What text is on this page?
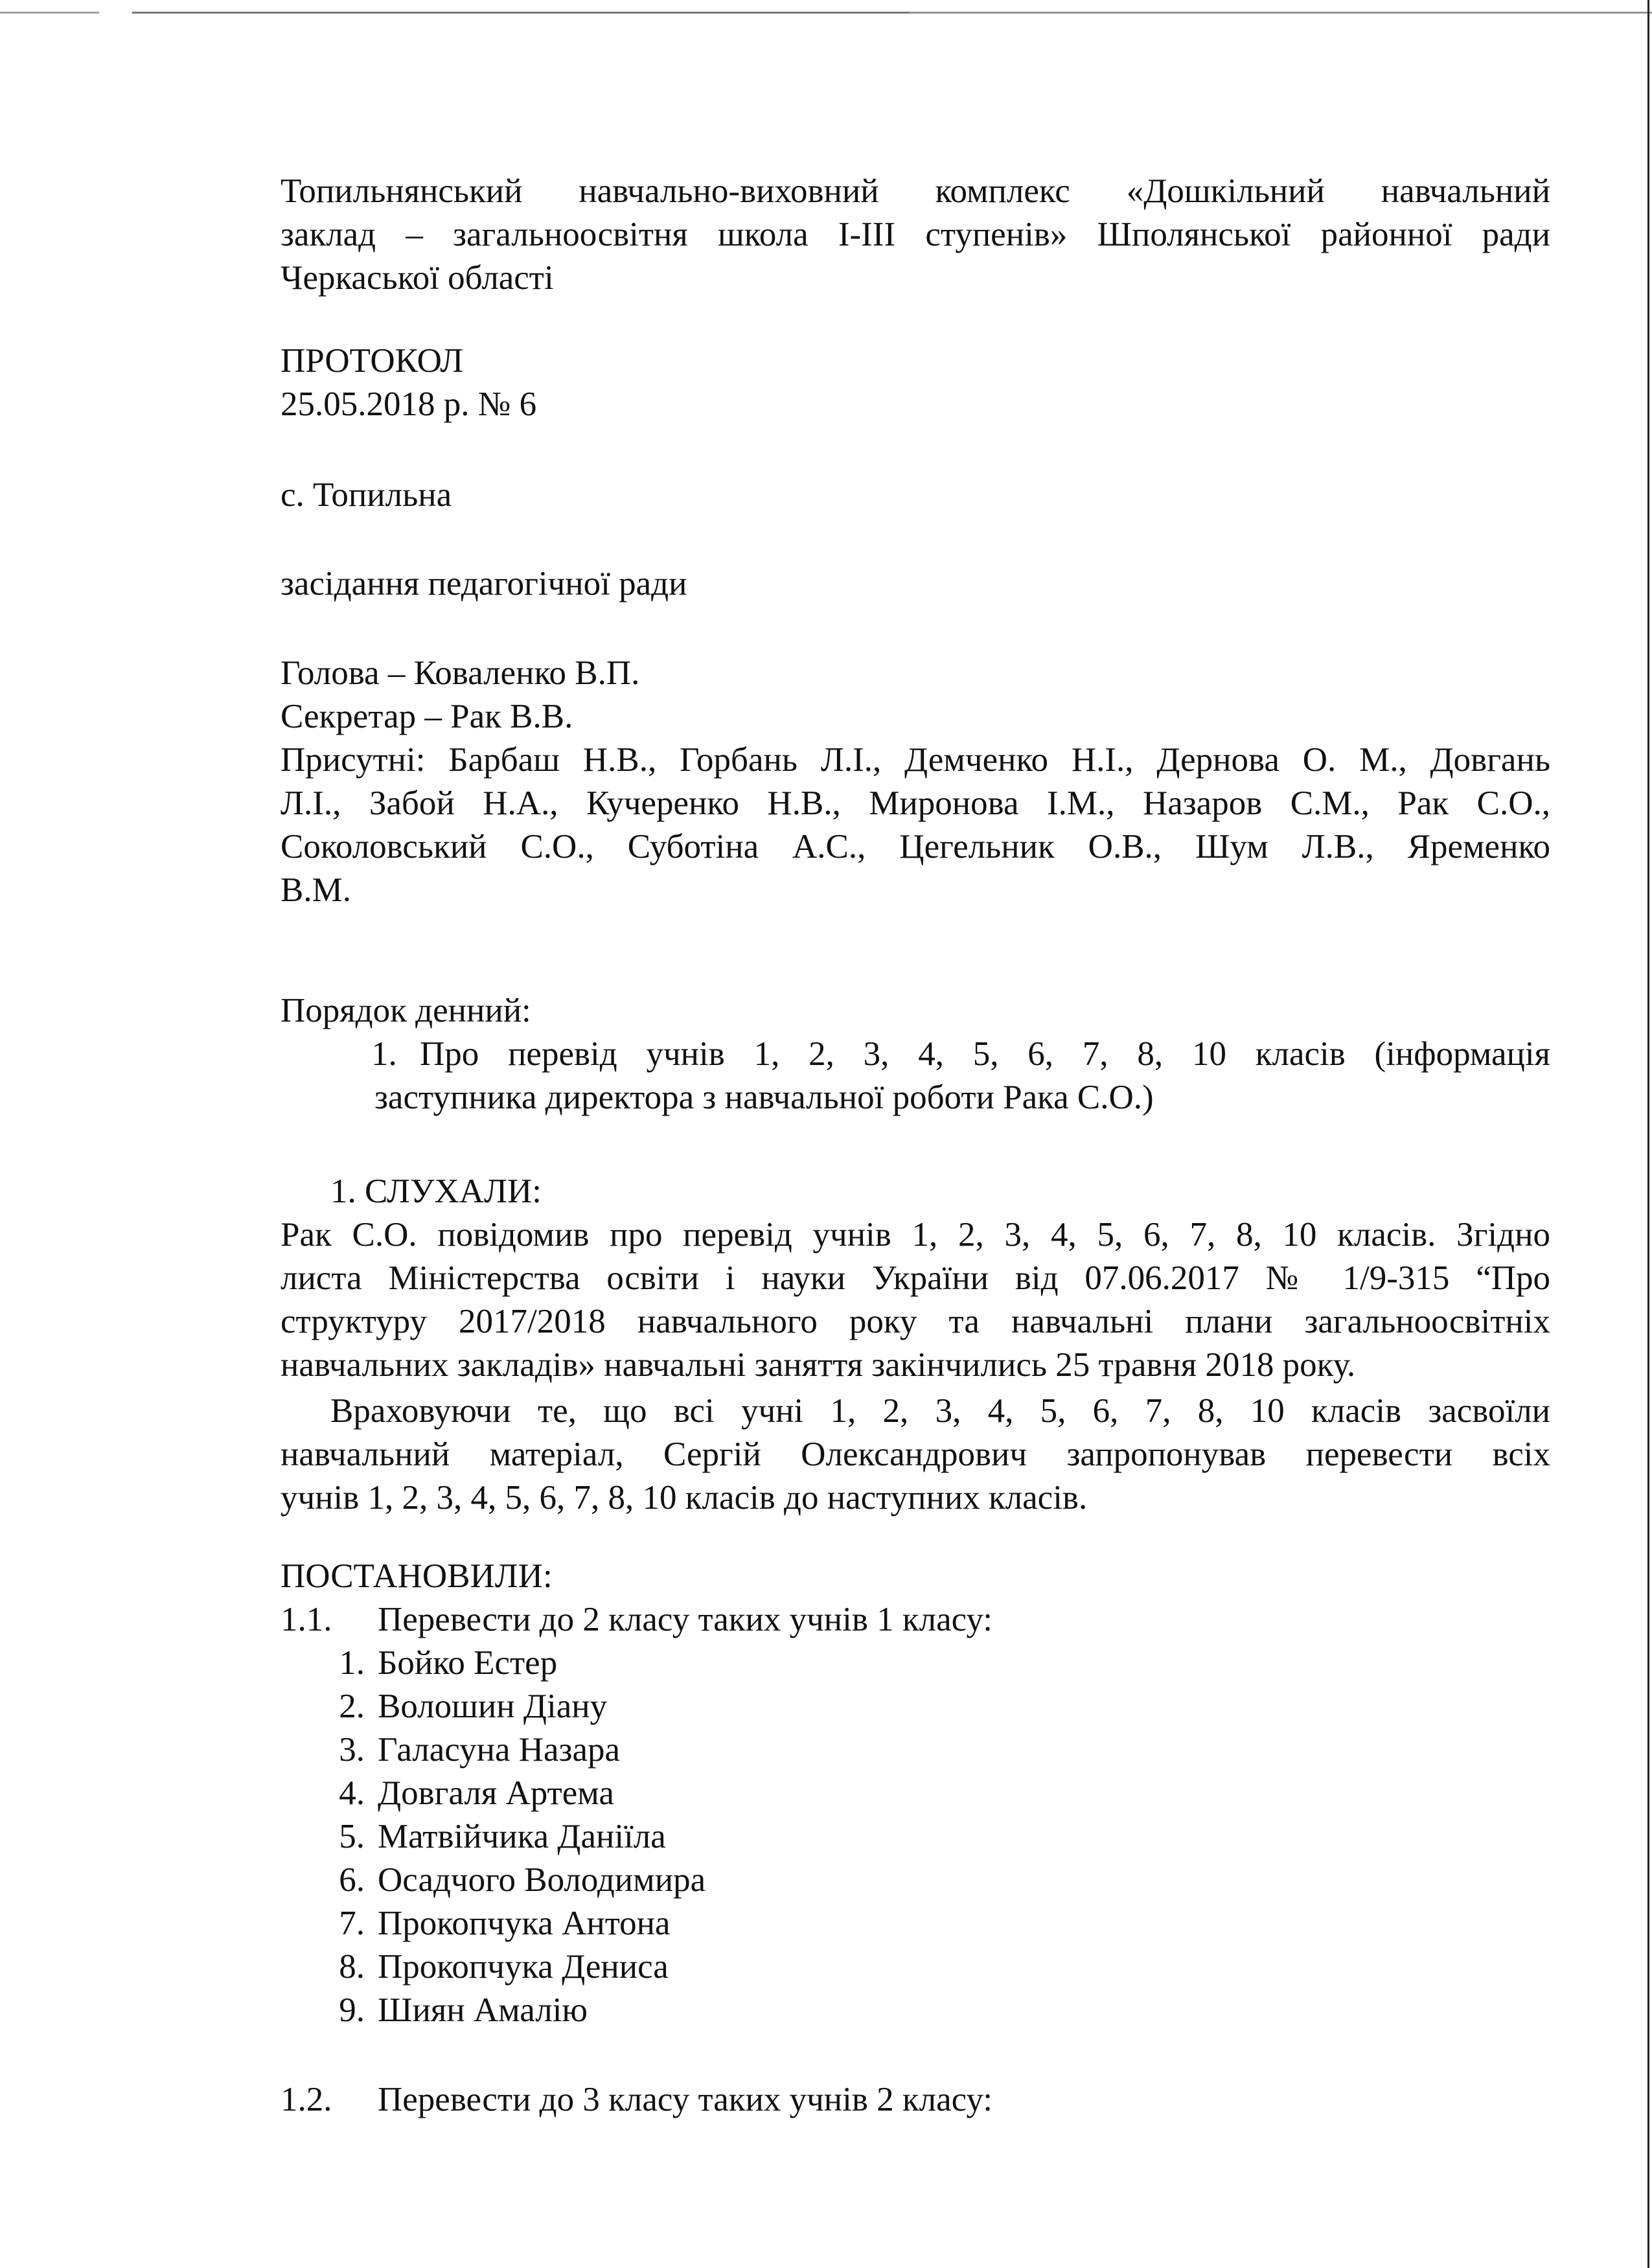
Топильнянський навчально-виховний комплекс «Дошкільний навчальний

заклад – загальноосвітня школа І-ІІІ ступенів» Шполянської районної ради

Черкаської області

ПРОТОКОЛ

25.05.2018 р. № 6

с. Топильна

засідання педагогічної ради

Голова – Коваленко В.П.

Секретар – Рак В.В.

Присутні: Барбаш Н.В., Горбань Л.І., Демченко Н.І., Дернова О. М., Довгань

Л.І., Забой Н.А., Кучеренко Н.В., Миронова І.М., Назаров С.М., Рак С.О.,

Соколовський С.О., Суботіна А.С., Цегельник О.В., Шум Л.В., Яременко

В.М.

Порядок денний:

1. Про перевід учнів 1, 2, 3, 4, 5, 6, 7, 8, 10 класів (інформація

заступника директора з навчальної роботи Рака С.О.)

1. СЛУХАЛИ:

Рак С.О. повідомив про перевід учнів 1, 2, 3, 4, 5, 6, 7, 8, 10 класів. Згідно

листа Міністерства освіти і науки України від 07.06.2017 № 1/9-315 “Про

структуру 2017/2018 навчального року та навчальні плани загальноосвітніх

навчальних закладів» навчальні заняття закінчились 25 травня 2018 року.

Враховуючи те, що всі учні 1, 2, 3, 4, 5, 6, 7, 8, 10 класів засвоїли

навчальний матеріал, Сергій Олександрович запропонував перевести всіх

учнів 1, 2, 3, 4, 5, 6, 7, 8, 10 класів до наступних класів.

ПОСТАНОВИЛИ:

1.1.	Перевести до 2 класу таких учнів 1 класу:
1. Бойко Естер
2. Волошин Діану
3. Галасуна Назара
4. Довгаля Артема
5. Матвійчика Даніїла
6. Осадчого Володимира
7. Прокопчука Антона
8. Прокопчука Дениса
9. Шиян Амалію
1.2.	Перевести до 3 класу таких учнів 2 класу:
